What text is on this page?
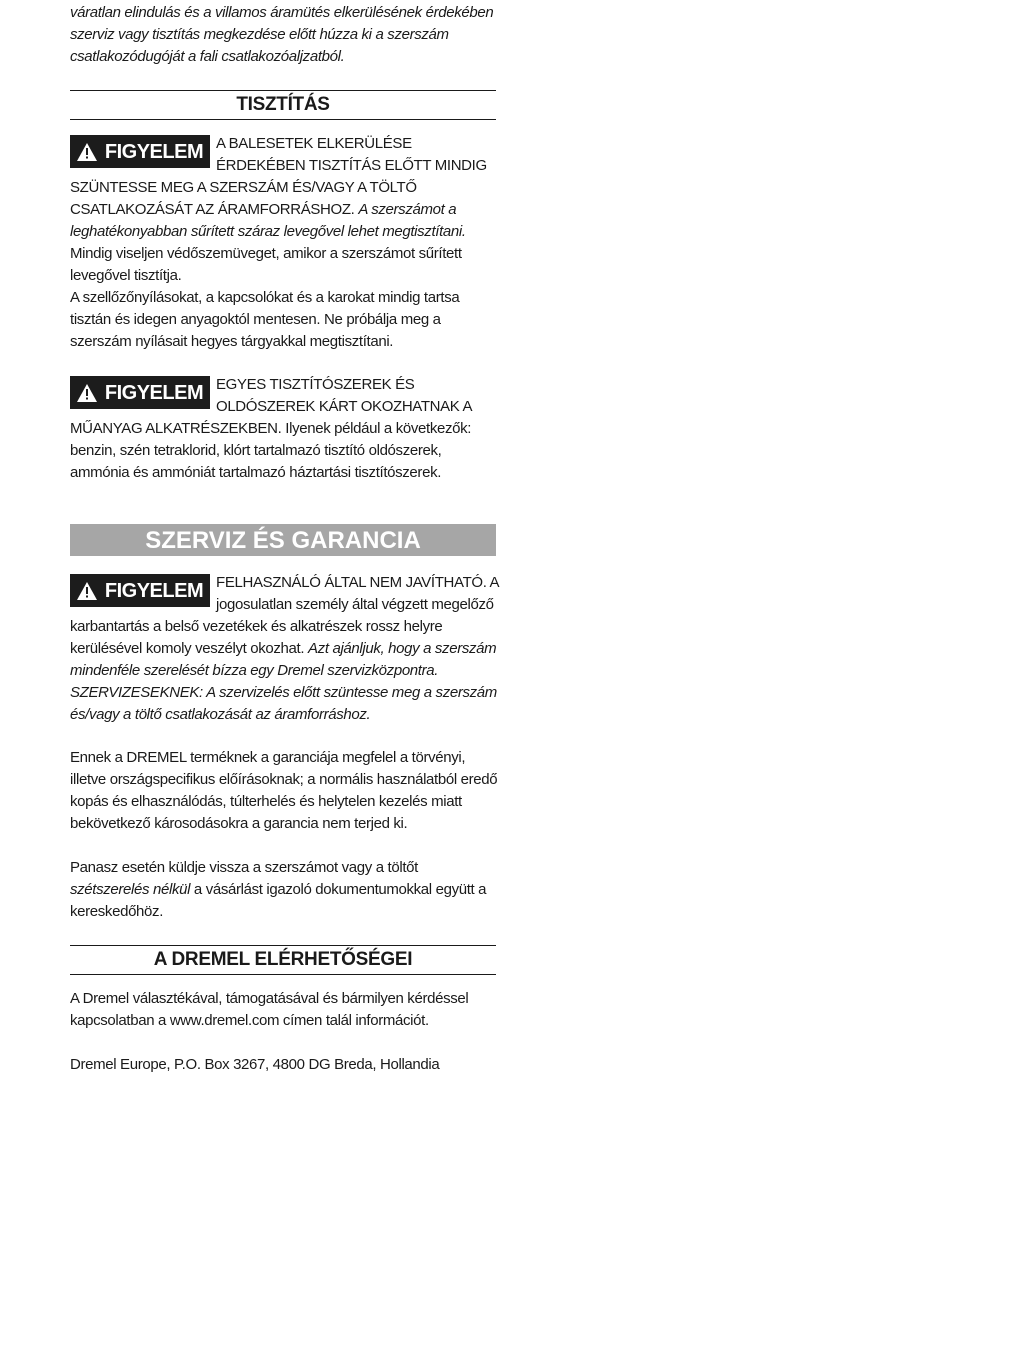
váratlan elindulás és a villamos áramütés elkerülésének érdekében szerviz vagy tisztítás megkezdése előtt húzza ki a szerszám csatlakozódugóját a fali csatlakozóaljzatból.
TISZTÍTÁS
FIGYELEM A BALESETEK ELKERÜLÉSE ÉRDEKÉBEN TISZTÍTÁS ELŐTT MINDIG SZÜNTESSE MEG A SZERSZÁM ÉS/VAGY A TÖLTŐ CSATLAKOZÁSÁT AZ ÁRAMFORRÁSHOZ. A szerszámot a leghatékonyabban sűrített száraz levegővel lehet megtisztítani. Mindig viseljen védőszemüveget, amikor a szerszámot sűrített levegővel tisztítja.
A szellőzőnyílásokat, a kapcsolókat és a karokat mindig tartsa tisztán és idegen anyagoktól mentesen. Ne próbálja meg a szerszám nyílásait hegyes tárgyakkal megtisztítani.
FIGYELEM EGYES TISZTÍTÓSZEREK ÉS OLDÓSZEREK KÁRT OKOZHATNAK A MŰANYAG ALKATRÉSZEKBEN. Ilyenek például a következők: benzin, szén tetraklorid, klórt tartalmazó tisztító oldószerek, ammónia és ammóniát tartalmazó háztartási tisztítószerek.
SZERVIZ ÉS GARANCIA
FIGYELEM FELHASZNÁLÓ ÁLTAL NEM JAVÍTHATÓ. A jogosulatlan személy által végzett megelőző karbantartás a belső vezetékek és alkatrészek rossz helyre kerülésével komoly veszélyt okozhat. Azt ajánljuk, hogy a szerszám mindenféle szerelését bízza egy Dremel szervizközpontra. SZERVIZESEKNEK: A szervizelés előtt szüntesse meg a szerszám és/vagy a töltő csatlakozását az áramforráshoz.
Ennek a DREMEL terméknek a garanciája megfelel a törvényi, illetve országspecifikus előírásoknak; a normális használatból eredő kopás és elhasználódás, túlterhelés és helytelen kezelés miatt bekövetkező károsodásokra a garancia nem terjed ki.
Panasz esetén küldje vissza a szerszámot vagy a töltőt szétszerelés nélkül a vásárlást igazoló dokumentumokkal együtt a kereskedőhöz.
A DREMEL ELÉRHETŐSÉGEI
A Dremel választékával, támogatásával és bármilyen kérdéssel kapcsolatban a www.dremel.com címen talál információt.
Dremel Europe, P.O. Box 3267, 4800 DG Breda, Hollandia
